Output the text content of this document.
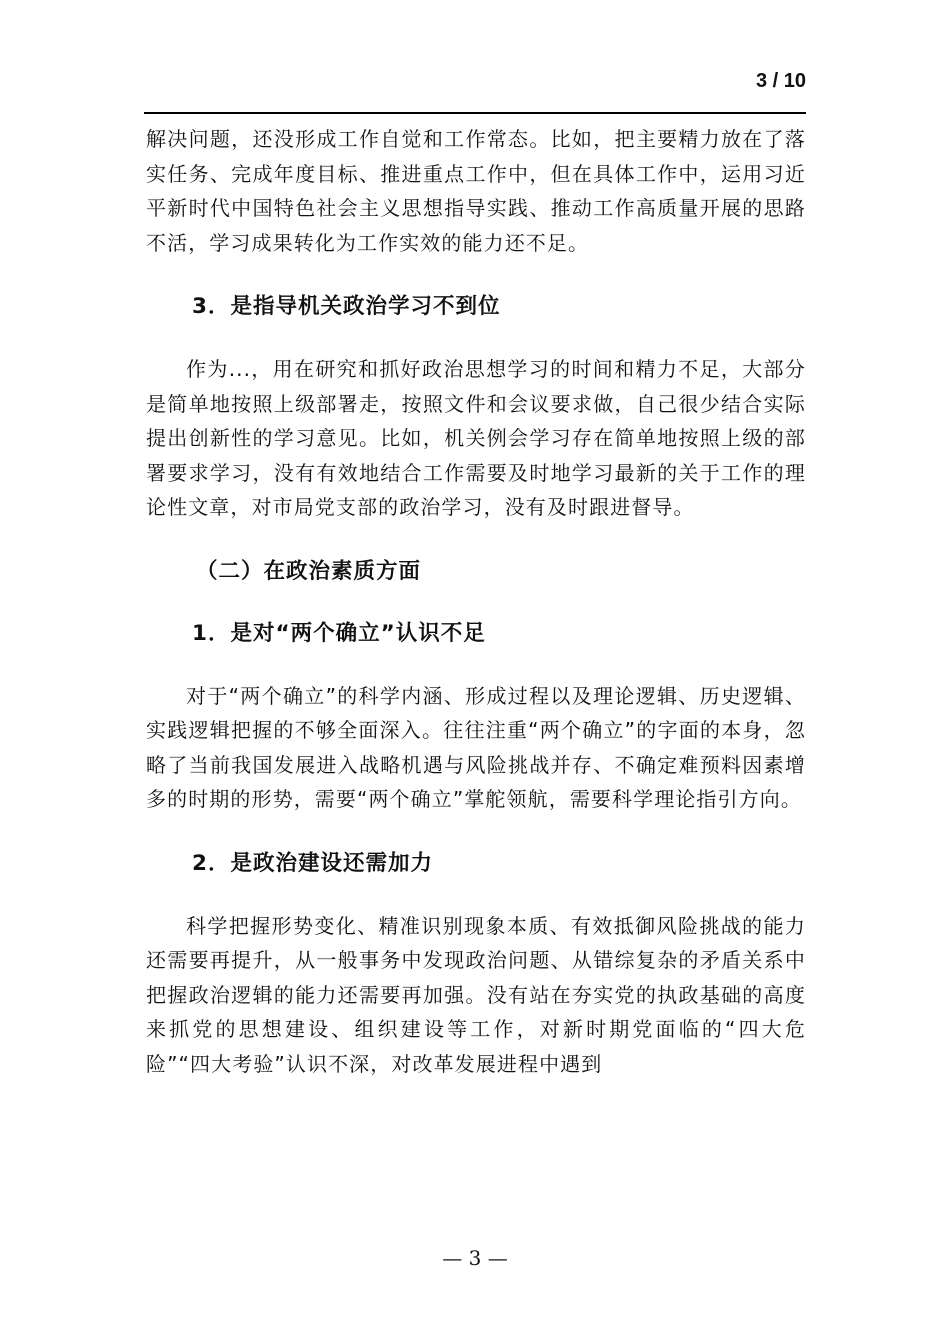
3 / 10

解决问题，还没形成工作自觉和工作常态。比如，把主要精力放在了落实任务、完成年度目标、推进重点工作中，但在具体工作中，运用习近平新时代中国特色社会主义思想指导实践、推动工作高质量开展的思路不活，学习成果转化为工作实效的能力还不足。

3．是指导机关政治学习不到位

作为...，用在研究和抓好政治思想学习的时间和精力不足，大部分是简单地按照上级部署走，按照文件和会议要求做，自己很少结合实际提出创新性的学习意见。比如，机关例会学习存在简单地按照上级的部署要求学习，没有有效地结合工作需要及时地学习最新的关于工作的理论性文章，对市局党支部的政治学习，没有及时跟进督导。

（二）在政治素质方面
1．是对“两个确立”认识不足

对于“两个确立”的科学内涵、形成过程以及理论逻辑、历史逻辑、实践逻辑把握的不够全面深入。往往注重“两个确立”的字面的本身，忽略了当前我国发展进入战略机遇与风险挑战并存、不确定难预料因素增多的时期的形势，需要“两个确立”掌舵领航，需要科学理论指引方向。

2．是政治建设还需加力

科学把握形势变化、精准识别现象本质、有效抵御风险挑战的能力还需要再提升，从一般事务中发现政治问题、从错综复杂的矛盾关系中把握政治逻辑的能力还需要再加强。没有站在夯实党的执政基础的高度来抓党的思想建设、组织建设等工作，对新时期党面临的“四大危险”“四大考验”认识不深，对改革发展进程中遇到

— 3 —
